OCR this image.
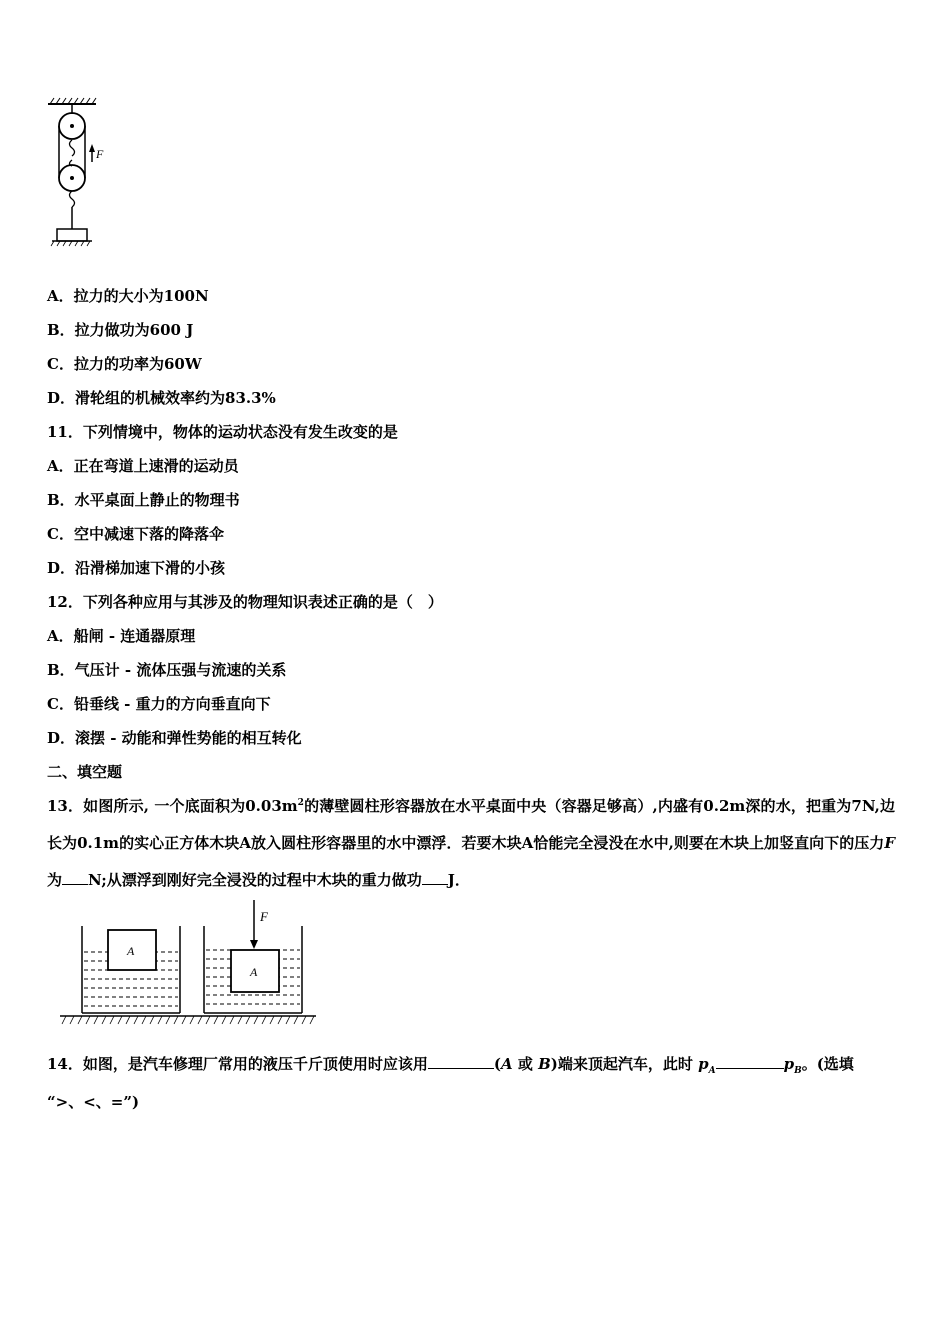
F
A．拉力的大小为100N
B．拉力做功为600 J
C．拉力的功率为60W
D．滑轮组的机械效率约为83.3%
11．下列情境中，物体的运动状态没有发生改变的是
A．正在弯道上速滑的运动员
B．水平桌面上静止的物理书
C．空中减速下落的降落伞
D．沿滑梯加速下滑的小孩
12．下列各种应用与其涉及的物理知识表述正确的是（　）
A．船闸 - 连通器原理
B．气压计 - 流体压强与流速的关系
C．铅垂线 - 重力的方向垂直向下
D．滚摆 - 动能和弹性势能的相互转化
二、填空题
13．如图所示, 一个底面积为$0.03m^2$的薄壁圆柱形容器放在水平桌面中央（容器足够高）,内盛有0.2m深的水，把重为7N,边长为0.1m的实心正方体木块A放入圆柱形容器里的水中漂浮．若要木块A恰能完全浸没在水中,则要在木块上加竖直向下的压力F为 N;从漂浮到刚好完全浸没的过程中木块的重力做功 J．
A
A
F
14．如图，是汽车修理厂常用的液压千斤顶使用时应该用	(A 或 B)端来顶起汽车，此时 $p_A$	$p_B$。(选填
“>、<、=”)
